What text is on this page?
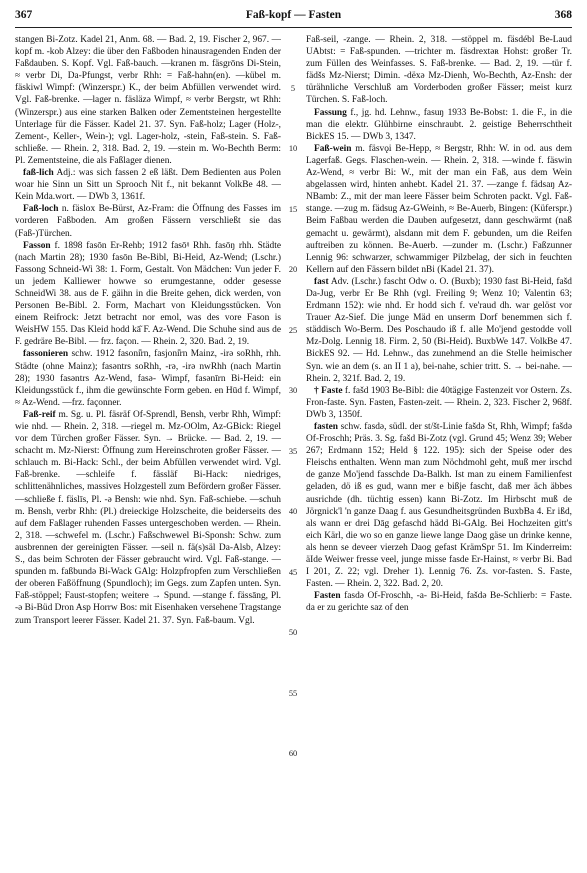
367	Faß-kopf — Fasten	368

stangen Bi-Zotz. Kadel 21, Anm. 68. — Bad. 2, 19. Fischer 2, 967. —kopf m. -kob Alzey: die über den Faßboden hinausragenden Enden der Faßdauben. S. Kopf. Vgl. Faß-bauch. —kranen m. fäsgrōns Di-Stein, ≈ verbr Di, Da-Pfungst, verbr Rhh: = Faß-hahn(en). —kübel m. fäskiwl Wimpf: (Winzerspr.) K., der beim Abfüllen verwendet wird. Vgl. Faß-brenke. —lager n. fäsläzǝ Wimpf, ≈ verbr Bergstr, wt Rhh: (Winzerspr.) aus eine starken Balken oder Zementsteinen hergestellte Unterlage für die Fässer. Kadel 21. 37. Syn. Faß-holz; Lager (Holz-, Zement-, Keller-, Wein-); vgl. Lager-holz, -stein, Faß-stein. S. Faß-schließe. — Rhein. 2, 318. Bad. 2, 19. —stein m. Wo-Bechth Berm: Pl. Zementsteine, die als Faßlager dienen.

faß-lich Adj.: was sich fassen 2 eß läßt. Dem Bedienten aus Polen woar hie Sinn un Sitt un Sprooch Nit f., nit bekannt VolkBe 48. — Kein Mda.wort. — DWb 3, 1361f.

Faß-loch n. fäslox Be-Bürst, Az-Fram: die Öffnung des Fasses im vorderen Faßboden. Am großen Fässern verschließt sie das (Faß-)Türchen.

Fasson f. 1898 fasōn Er-Rehb; 1912 fasōᵑ Rhh. fasōŋ rhh. Städte (nach Martin 28); 1930 fasōn Be-Bibl, Bi-Heid, Az-Wend; (Lschr.) Fassong Schneid-Wi 38: 1. Form, Gestalt. Von Mädchen: Vun jeder F. un jedem Kalliewer howwe so erumgestanne, odder gesesse SchneidWi 38. aus de F. gäihn in die Breite gehen, dick werden, von Personen Be-Bibl. 2. Form, Machart von Kleidungsstücken. Von einem Reifrock: Jetzt betracht nor emol, was des vore Fason is WeisHW 155. Das Kleid hodd kā͂ F. Az-Wend. Die Schuhe sind aus de F. gedräre Be-Bibl. — frz. façon. — Rhein. 2, 320. Bad. 2, 19.

fassonieren schw. 1912 fasoni̊rn, fasjoni̊rn Mainz, -irǝ soRhh, rhh. Städte (ohne Mainz); fasǝntrs soRhh, -rǝ, -irǝ nwRhh (nach Martin 28); 1930 fasǝntrs Az-Wend, fasǝ- Wimpf, fasǝnīrn Bi-Heid: ein Kleidungsstück f., ihm die gewünschte Form geben. en Hūd f. Wimpf, ≈ Az-Wend. —frz. façonner.

Faß-reif m. Sg. u. Pl. fäsräf Of-Sprendl, Bensh, verbr Rhh, Wimpf: wie nhd. — Rhein. 2, 318. —riegel m. Mz-OOlm, Az-GBick: Riegel vor dem Türchen großer Fässer. Syn. → Brücke. — Bad. 2, 19. —schacht m. Mz-Nierst: Öffnung zum Hereinschroten großer Fässer. —schlauch m. Bi-Hack: Schl., der beim Abfüllen verwendet wird. Vgl. Faß-brenke. —schleife f. fässläf Bi-Hack: niedriges, schlittenähnliches, massives Holzgestell zum Befördern großer Fässer. —schließe f. fäslīs, Pl. -ǝ Bensh: wie nhd. Syn. Faß-schiebe. —schuh m. Bensh, verbr Rhh: (Pl.) dreieckige Holzscheite, die beiderseits des auf dem Faßlager ruhenden Fasses untergeschoben werden. — Rhein. 2, 318. —schwefel m. (Lschr.) Faßschwewel Bi-Sponsh: Schw. zum ausbrennen der gereinigten Fässer. —seil n. fä(s)säl Da-Alsb, Alzey: S., das beim Schroten der Fässer gebraucht wird. Vgl. Faß-stange. —spunden m. faßbundǝ Bi-Wack GAlg: Holzpfropfen zum Verschließen der oberen Faßöffnung (Spundloch); im Gegs. zum Zapfen unten. Syn. Faß-stöppel; Faust-stopfen; weitere → Spund. —stange f. fässāng, Pl. -ǝ Bi-Büd Dron Asp Horrw Bos: mit Eisenhaken versehene Tragstange zum Transport leerer Fässer. Kadel 21. 37. Syn. Faß-baum. Vgl.

Faß-seil, -zange. — Rhein. 2, 318. —stöppel m. fäsdébl Be-Laud UAbtst: = Faß-spunden. —trichter m. fäsdrextǝʀ Hohst: großer Tr. zum Füllen des Weinfasses. S. Faß-brenke. — Bad. 2, 19. —tür f. fädšs Mz-Nierst; Dimin. -dëxǝ Mz-Dienh, Wo-Bechth, Az-Ensh: der türähnliche Verschluß am Vorderboden großer Fässer; meist kurz Türchen. S. Faß-loch.

Fassung f., jg. hd. Lehnw., fasuŋ 1933 Be-Bobst: 1. die F., in die man die elektr. Glühbirne einschraubt. 2. geistige Beherrschtheit BickES 15. — DWb 3, 1347.

Faß-wein m. fäsvǫi Be-Hepp, ≈ Bergstr, Rhh: W. in od. aus dem Lagerfaß. Gegs. Flaschen-wein. — Rhein. 2, 318. —winde f. fäswin Az-Wend, ≈ verbr Bi: W., mit der man ein Faß, aus dem Wein abgelassen wird, hinten anhebt. Kadel 21. 37. —zange f. fädsaŋ Az-NBamb: Z., mit der man leere Fässer beim Schroten packt. Vgl. Faß-stange. —zug m. fädsug Az-GWeinh, ≈ Be-Auerb, Bingen: (Küferspr.) Beim Faßbau werden die Dauben aufgesetzt, dann geschwärmt (naß gemacht u. gewärmt), alsdann mit dem F. gebunden, um die Reifen auftreiben zu können. Be-Auerb. —zunder m. (Lschr.) Faßzunner Lennig 96: schwarzer, schwammiger Pilzbelag, der sich in feuchten Kellern auf den Fässern bildet nBi (Kadel 21. 37).

fast Adv. (Lschr.) fascht Odw o. O. (Buxb); 1930 fast Bi-Heid, fašd Da-Jug, verbr Er Be Rhh (vgl. Freiling 9; Wenz 10; Valentin 63; Erdmann 152): wie nhd. Er hodd sich f. ve'raud dh. war gelöst vor Trauer Az-Sief. Die junge Mäd en unserm Dorf benemmen sich f. städdisch Wo-Berm. Des Poschaudo iß f. alle Mo'jend gestodde voll Mz-Dolg. Lennig 18. Firm. 2, 50 (Bi-Heid). BuxbWe 147. VolkBe 47. BickES 92. — Hd. Lehnw., das zunehmend an die Stelle heimischer Syn. wie an dem (s. an II 1 a), bei-nahe, schier tritt. S. → bei-nahe. — Rhein. 2, 321f. Bad. 2, 19.

† Faste f. fašd 1903 Be-Bibl: die 40tägige Fastenzeit vor Ostern. Zs. Fron-faste. Syn. Fasten, Fasten-zeit. — Rhein. 2, 323. Fischer 2, 968f. DWb 3, 1350f.

fasten schw. fasdǝ, südl. der st/št-Linie fašdǝ St, Rhh, Wimpf; fašdǝ Of-Froschh; Präs. 3. Sg. fašd Bi-Zotz (vgl. Grund 45; Wenz 39; Weber 267; Erdmann 152; Held § 122. 195): sich der Speise oder des Fleischs enthalten. Wenn man zum Nöchdmohl geht, muß mer irschd de ganze Mo'jend fasschde Da-Balkh. Ist man zu einem Familienfest geladen, dö iß es gud, wann mer e bißje fascht, daß mer äch äbbes ausrichde (dh. tüchtig essen) kann Bi-Zotz. Im Hirbscht muß de Jörgnick'l 'n ganze Daag f. aus Gesundheitsgründen BuxbBa 4. Er ißd, als wann er drei Dāg gefaschd hädd Bi-GAlg. Bei Hochzeiten gitt's eich Kärl, die wo so en ganze liewe lange Daog gäse un drinke kenne, als henn se deveer vierzeh Daog gefast KrämSpr 51. Im Kinderreim: äIde Weiwer fresse veel, junge misse fasde Er-Hainst, ≈ verbr Bi. Bad I 201, Z. 22; vgl. Dreher 1). Lennig 76. Zs. vor-fasten. S. Faste, Fasten. — Rhein. 2, 322. Bad. 2, 20.

Fasten fasdǝ Of-Froschh, -a- Bi-Heid, fašdǝ Be-Schlierb: = Faste. da er zu gerichte saz of den

5
10
15
20
25
30
35
40
45
50
55
60
